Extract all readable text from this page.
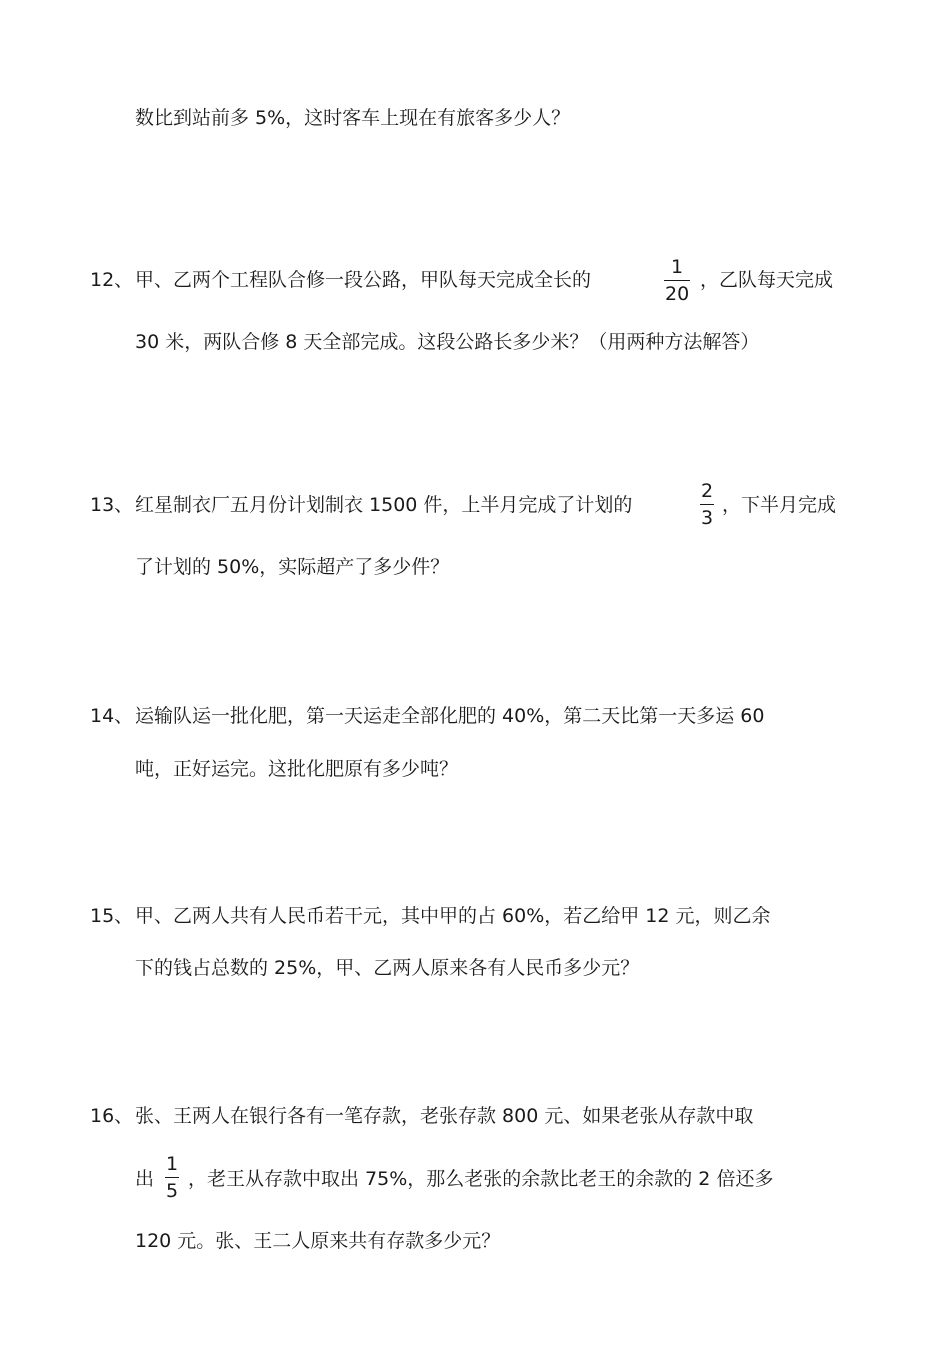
数比到站前多 5%，这时客车上现在有旅客多少人？
12、 甲、乙两个工程队合修一段公路，甲队每天完成全长的
1
20
，乙队每天完成
30 米，两队合修 8 天全部完成。这段公路长多少米？（用两种方法解答）
13、 红星制衣厂五月份计划制衣 1500 件，上半月完成了计划的
2
3
，下半月完成
了计划的 50%，实际超产了多少件？
14、 运输队运一批化肥，第一天运走全部化肥的 40%，第二天比第一天多运 60
吨，正好运完。这批化肥原有多少吨？
15、 甲、乙两人共有人民币若干元，其中甲的占 60%，若乙给甲 12 元，则乙余
下的钱占总数的 25%，甲、乙两人原来各有人民币多少元？
16、 张、王两人在银行各有一笔存款，老张存款 800 元、如果老张从存款中取
出
1
5
，老王从存款中取出 75%，那么老张的余款比老王的余款的 2 倍还多
120 元。张、王二人原来共有存款多少元？
